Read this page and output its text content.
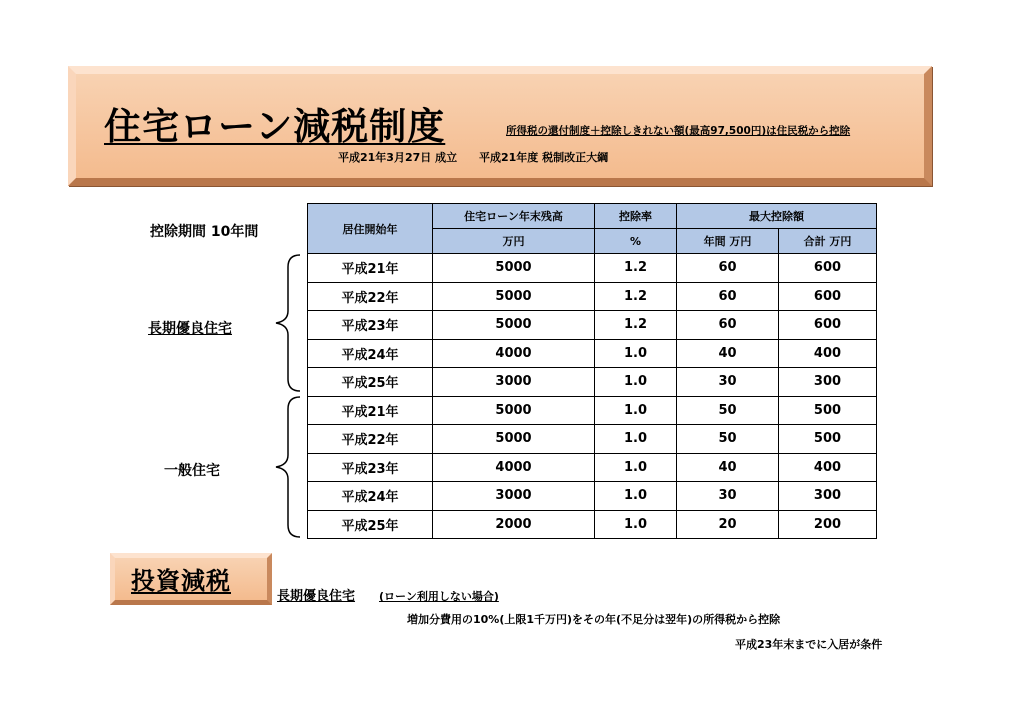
住宅ローン減税制度	所得税の還付制度＋控除しきれない額(最高97,500円)は住民税から控除
平成21年3月27日 成立 平成21年度 税制改正大綱
控除期間 10年間
長期優良住宅
一般住宅
居住開始年	住宅ローン年末残高	控除率	最大控除額	
	万円	%	年間 万円	合計 万円
平成21年	5000	1.2	60	600
平成22年	5000	1.2	60	600
平成23年	5000	1.2	60	600
平成24年	4000	1.0	40	400
平成25年	3000	1.0	30	300
平成21年	5000	1.0	50	500
平成22年	5000	1.0	50	500
平成23年	4000	1.0	40	400
平成24年	3000	1.0	30	300
平成25年	2000	1.0	20	200
投資減税
長期優良住宅 (ローン利用しない場合)
増加分費用の10%(上限1千万円)をその年(不足分は翌年)の所得税から控除
平成23年末までに入居が条件
